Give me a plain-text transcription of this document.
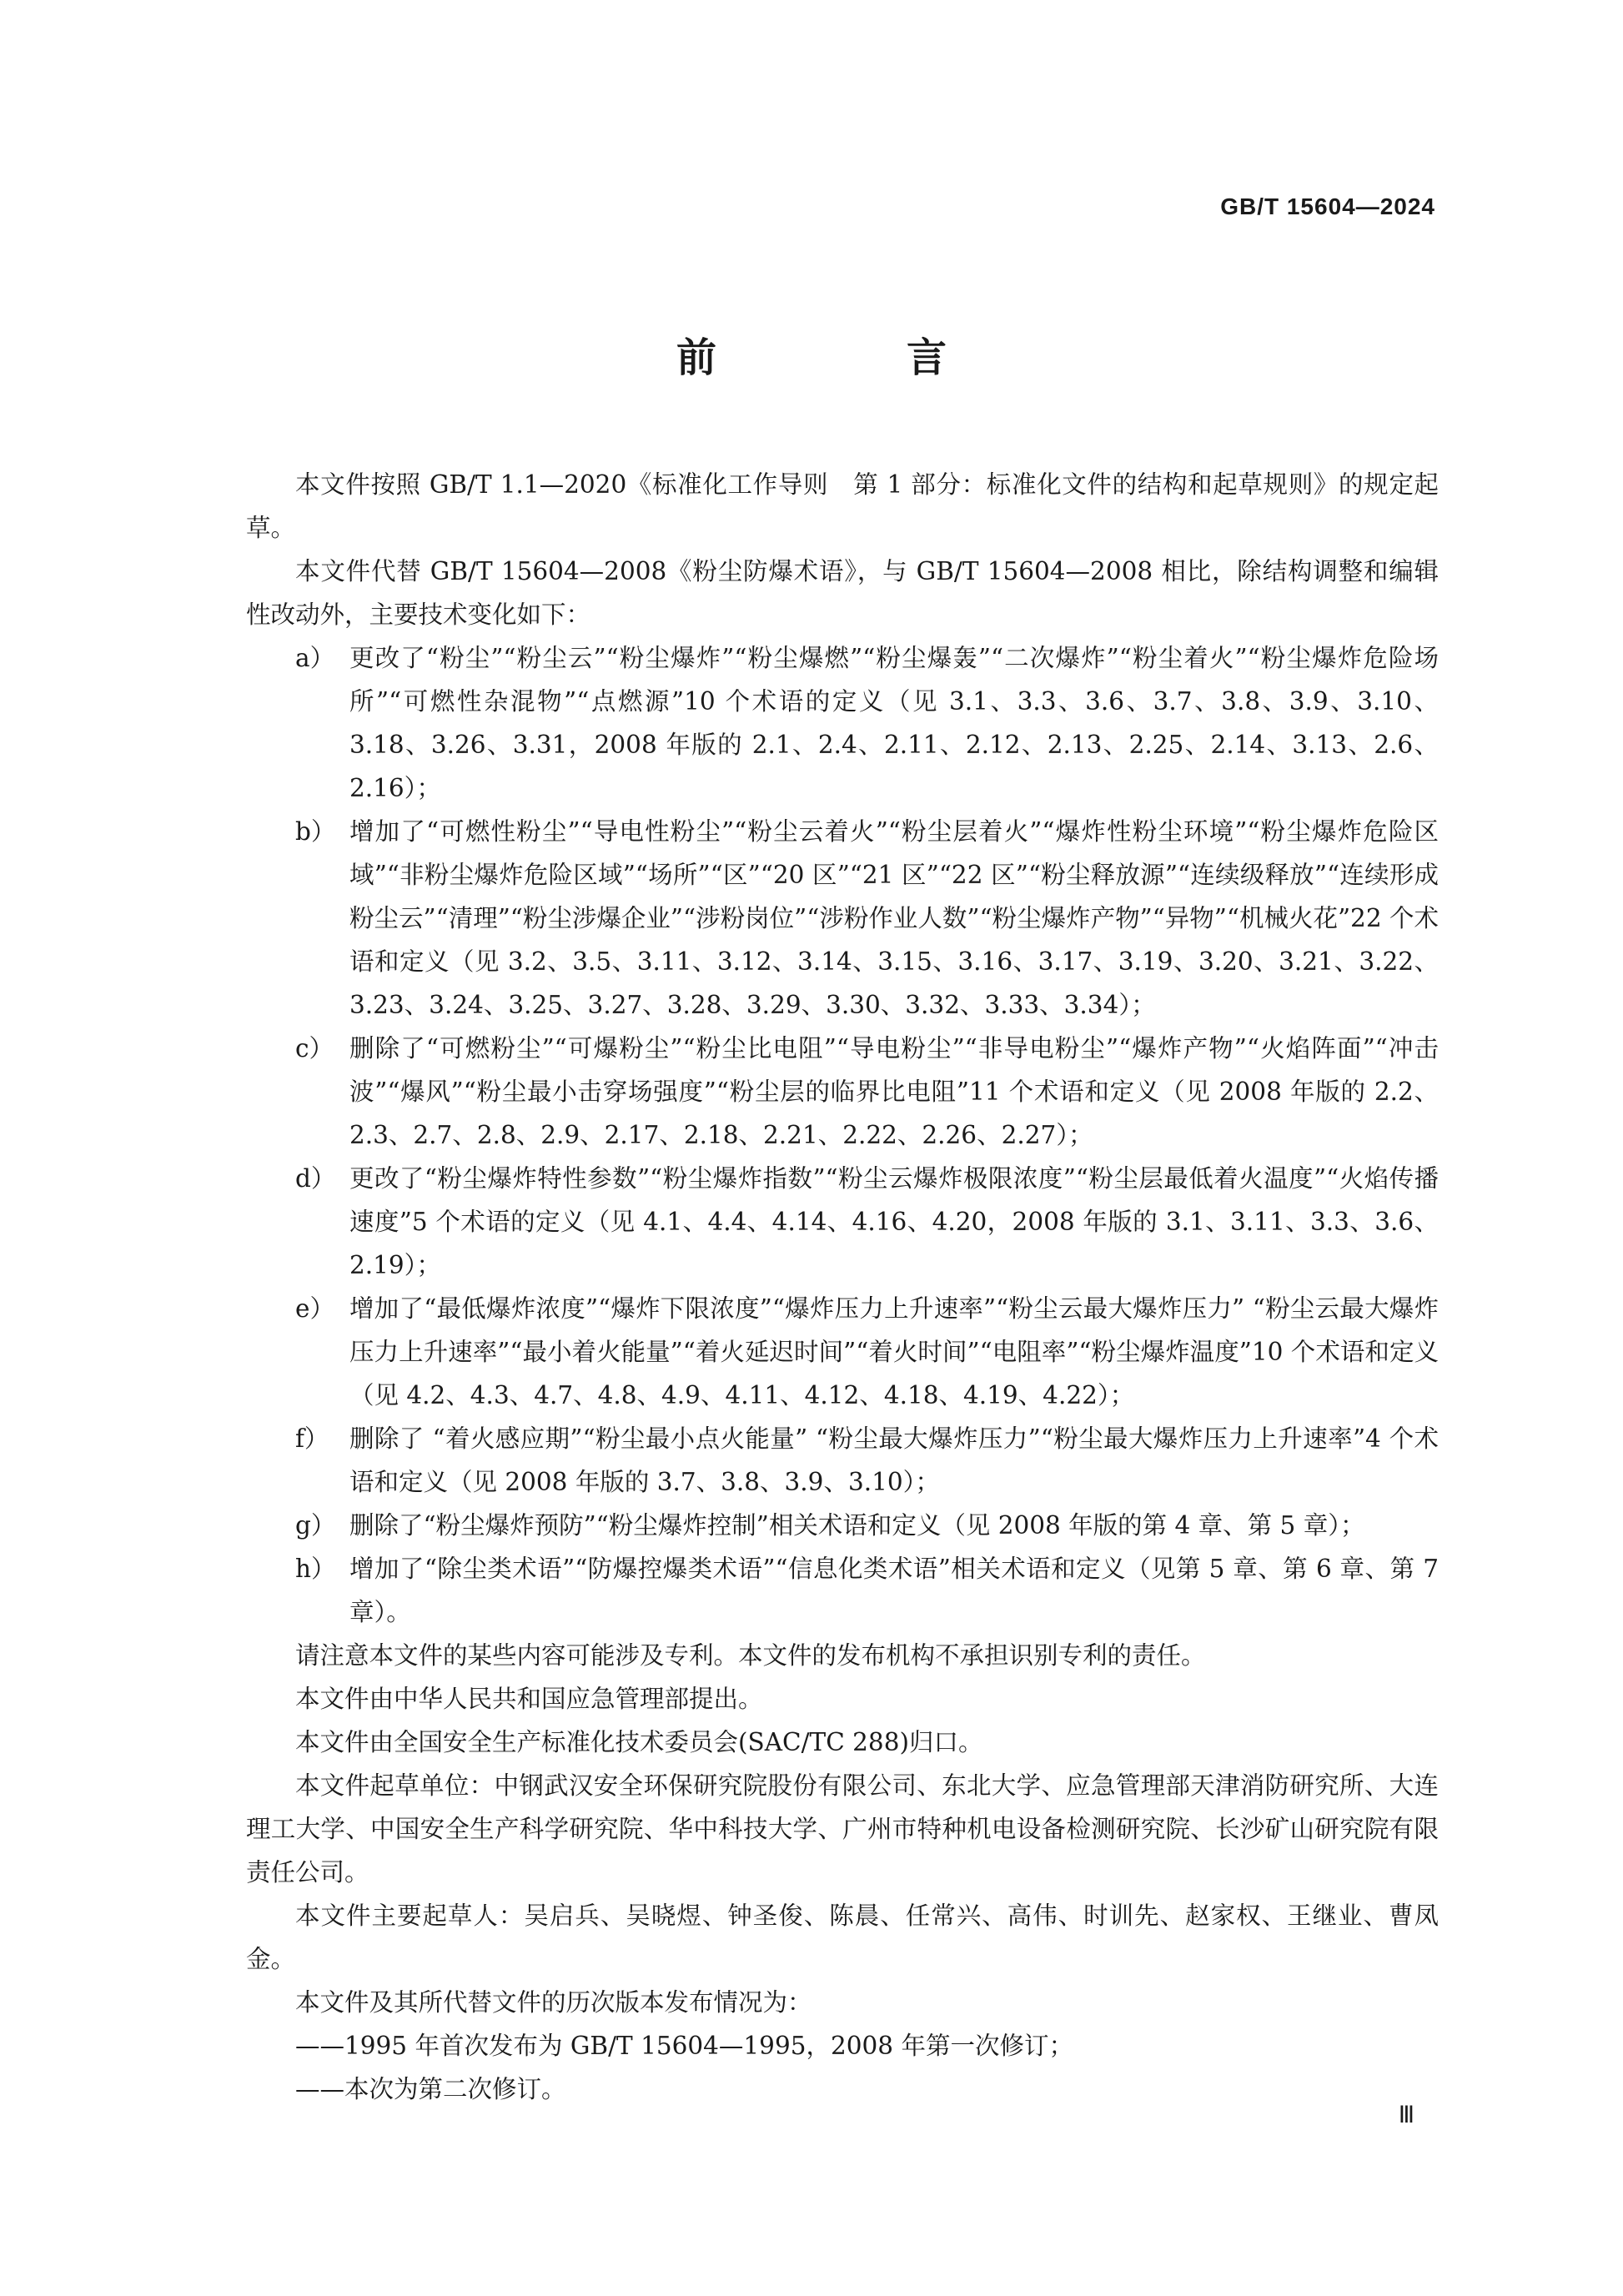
GB/T 15604—2024
前　言

本文件按照 GB/T 1.1—2020《标准化工作导则　第 1 部分：标准化文件的结构和起草规则》的规定起草。

本文件代替 GB/T 15604—2008《粉尘防爆术语》，与 GB/T 15604—2008 相比，除结构调整和编辑性改动外，主要技术变化如下：

a） 更改了“粉尘”“粉尘云”“粉尘爆炸”“粉尘爆燃”“粉尘爆轰”“二次爆炸”“粉尘着火”“粉尘爆炸危险场所”“可燃性杂混物”“点燃源”10 个术语的定义（见 3.1、3.3、3.6、3.7、3.8、3.9、3.10、3.18、3.26、3.31，2008 年版的 2.1、2.4、2.11、2.12、2.13、2.25、2.14、3.13、2.6、2.16）；
b） 增加了“可燃性粉尘”“导电性粉尘”“粉尘云着火”“粉尘层着火”“爆炸性粉尘环境”“粉尘爆炸危险区域”“非粉尘爆炸危险区域”“场所”“区”“20 区”“21 区”“22 区”“粉尘释放源”“连续级释放”“连续形成粉尘云”“清理”“粉尘涉爆企业”“涉粉岗位”“涉粉作业人数”“粉尘爆炸产物”“异物”“机械火花”22 个术语和定义（见 3.2、3.5、3.11、3.12、3.14、3.15、3.16、3.17、3.19、3.20、3.21、3.22、3.23、3.24、3.25、3.27、3.28、3.29、3.30、3.32、3.33、3.34）；
c） 删除了“可燃粉尘”“可爆粉尘”“粉尘比电阻”“导电粉尘”“非导电粉尘”“爆炸产物”“火焰阵面”“冲击波”“爆风”“粉尘最小击穿场强度”“粉尘层的临界比电阻”11 个术语和定义（见 2008 年版的 2.2、2.3、2.7、2.8、2.9、2.17、2.18、2.21、2.22、2.26、2.27）；
d） 更改了“粉尘爆炸特性参数”“粉尘爆炸指数”“粉尘云爆炸极限浓度”“粉尘层最低着火温度”“火焰传播速度”5 个术语的定义（见 4.1、4.4、4.14、4.16、4.20，2008 年版的 3.1、3.11、3.3、3.6、2.19）；
e） 增加了“最低爆炸浓度”“爆炸下限浓度”“爆炸压力上升速率”“粉尘云最大爆炸压力” “粉尘云最大爆炸压力上升速率”“最小着火能量”“着火延迟时间”“着火时间”“电阻率”“粉尘爆炸温度”10 个术语和定义（见 4.2、4.3、4.7、4.8、4.9、4.11、4.12、4.18、4.19、4.22）；
f） 删除了 “着火感应期”“粉尘最小点火能量” “粉尘最大爆炸压力”“粉尘最大爆炸压力上升速率”4 个术语和定义（见 2008 年版的 3.7、3.8、3.9、3.10）；
g） 删除了“粉尘爆炸预防”“粉尘爆炸控制”相关术语和定义（见 2008 年版的第 4 章、第 5 章）；
h） 增加了“除尘类术语”“防爆控爆类术语”“信息化类术语”相关术语和定义（见第 5 章、第 6 章、第 7 章）。

请注意本文件的某些内容可能涉及专利。本文件的发布机构不承担识别专利的责任。

本文件由中华人民共和国应急管理部提出。

本文件由全国安全生产标准化技术委员会(SAC/TC 288)归口。

本文件起草单位：中钢武汉安全环保研究院股份有限公司、东北大学、应急管理部天津消防研究所、大连理工大学、中国安全生产科学研究院、华中科技大学、广州市特种机电设备检测研究院、长沙矿山研究院有限责任公司。

本文件主要起草人：吴启兵、吴晓煜、钟圣俊、陈晨、任常兴、高伟、时训先、赵家权、王继业、曹凤金。

本文件及其所代替文件的历次版本发布情况为：

——1995 年首次发布为 GB/T 15604—1995，2008 年第一次修订；

——本次为第二次修订。

Ⅲ
